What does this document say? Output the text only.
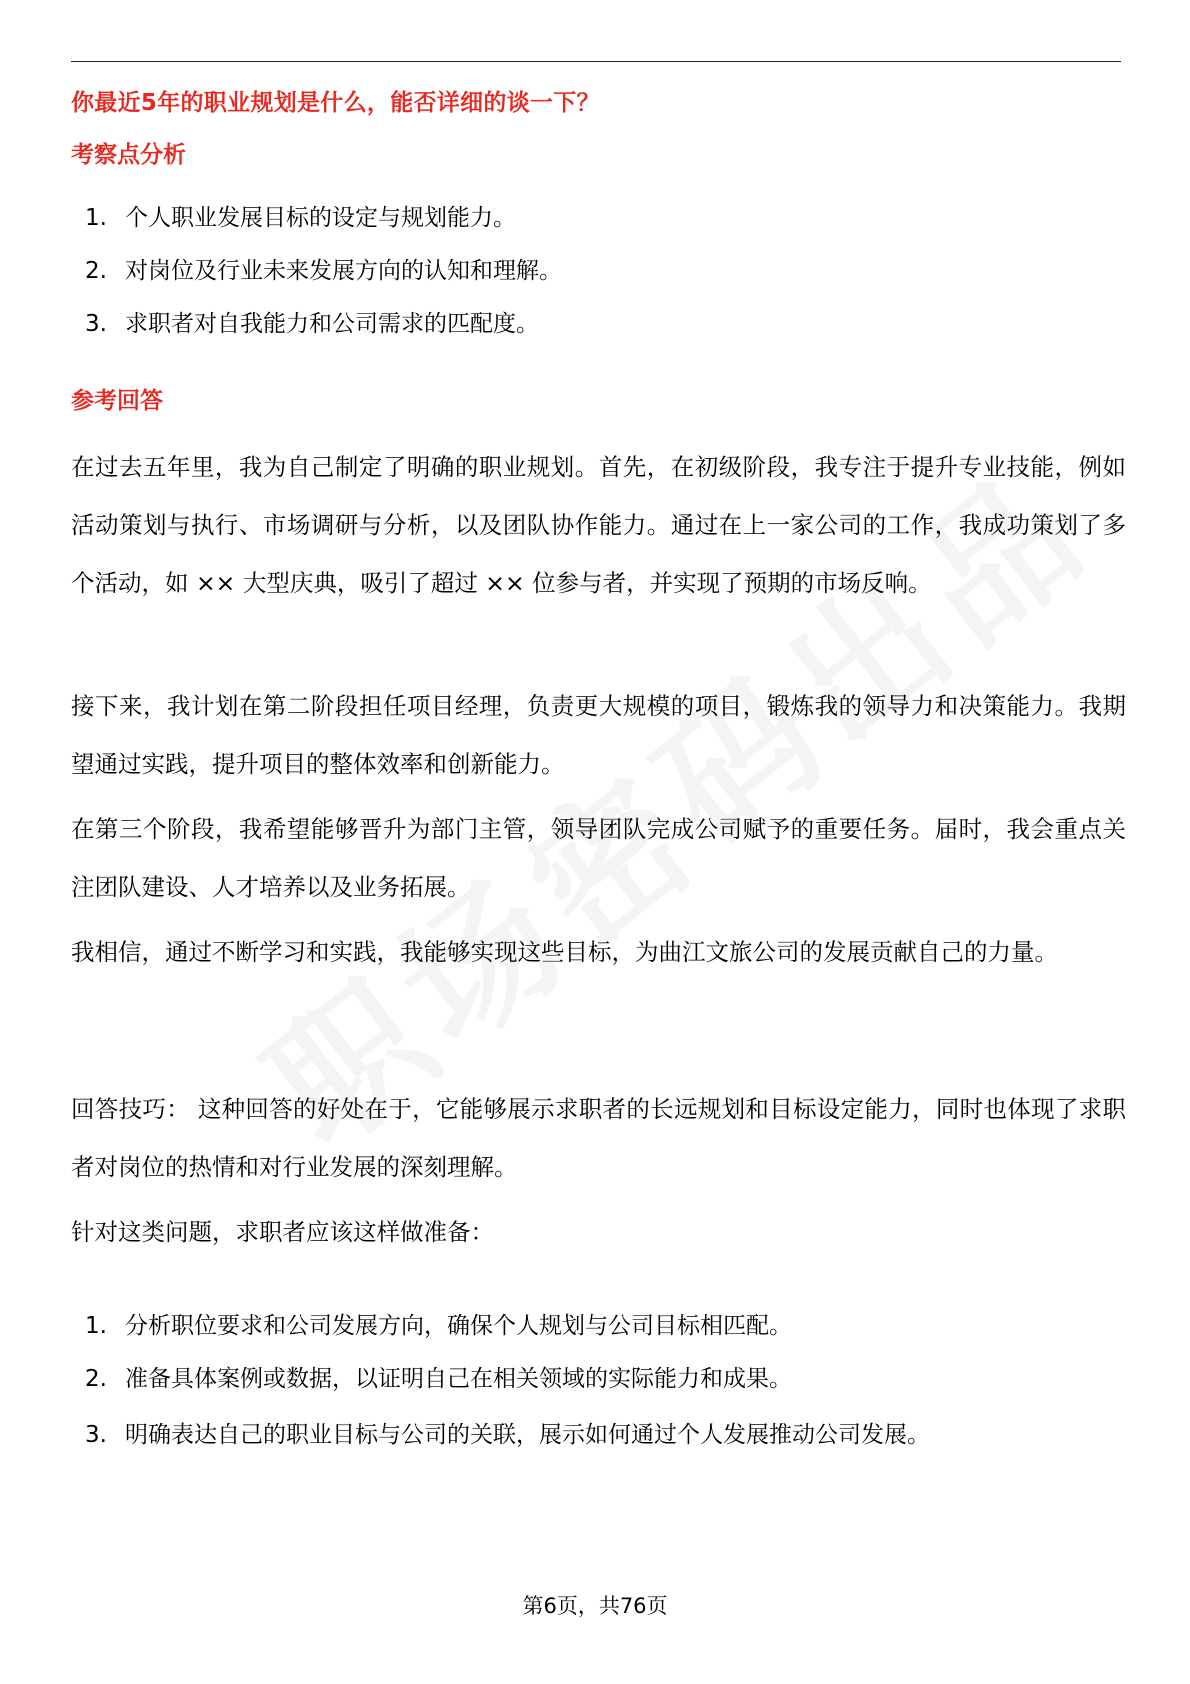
你最近5年的职业规划是什么，能否详细的谈一下？
考察点分析
1. 个人职业发展目标的设定与规划能力。
2. 对岗位及行业未来发展方向的认知和理解。
3. 求职者对自我能力和公司需求的匹配度。
参考回答

在过去五年里，我为自己制定了明确的职业规划。首先，在初级阶段，我专注于提升专业技能，例如活动策划与执行、市场调研与分析，以及团队协作能力。通过在上一家公司的工作，我成功策划了多个活动，如 ×× 大型庆典，吸引了超过 ×× 位参与者，并实现了预期的市场反响。

接下来，我计划在第二阶段担任项目经理，负责更大规模的项目，锻炼我的领导力和决策能力。我期望通过实践，提升项目的整体效率和创新能力。

在第三个阶段，我希望能够晋升为部门主管，领导团队完成公司赋予的重要任务。届时，我会重点关注团队建设、人才培养以及业务拓展。

我相信，通过不断学习和实践，我能够实现这些目标，为曲江文旅公司的发展贡献自己的力量。

回答技巧： 这种回答的好处在于，它能够展示求职者的长远规划和目标设定能力，同时也体现了求职者对岗位的热情和对行业发展的深刻理解。

针对这类问题，求职者应该这样做准备：

1. 分析职位要求和公司发展方向，确保个人规划与公司目标相匹配。
2. 准备具体案例或数据，以证明自己在相关领域的实际能力和成果。
3. 明确表达自己的职业目标与公司的关联，展示如何通过个人发展推动公司发展。
第6页，共76页
